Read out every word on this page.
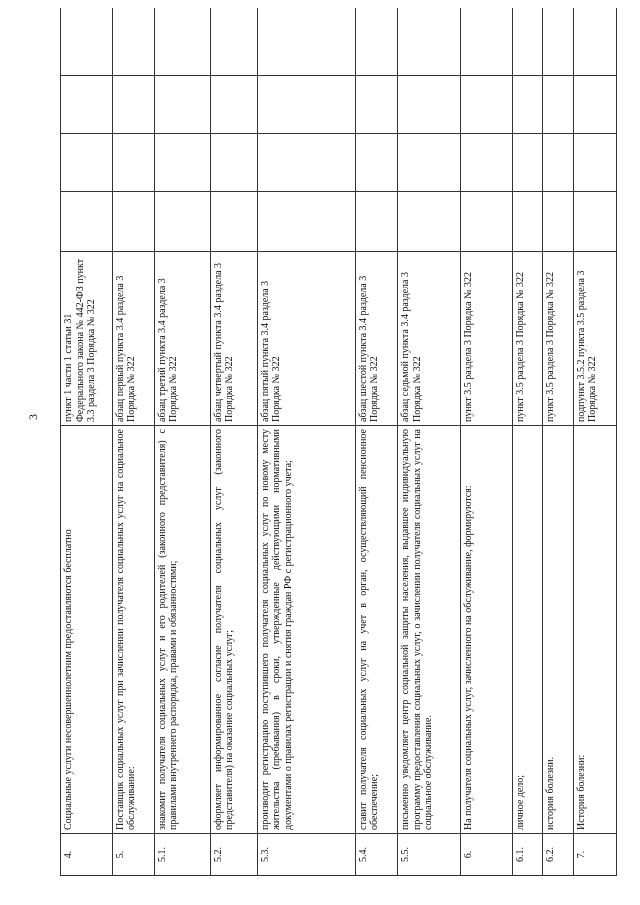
3
4.	Социальные услуги несовершеннолетним предоставляются бесплатно	пункт 1 части 1 статьи 31 Федерального закона № 442-ФЗ пункт 3.3 раздела 3 Порядка № 322				
5.	Поставщик социальных услуг при зачислении получателя социальных услуг на социальное обслуживание:	абзац первый пункта 3.4 раздела 3 Порядка № 322				
5.1.	знакомит получателя социальных услуг и его родителей (законного представителя) с правилами внутреннего распорядка, правами и обязанностями;	абзац третий пункта 3.4 раздела 3 Порядка № 322				
5.2.	оформляет информированное согласие получателя социальных услуг (законного представителя) на оказание социальных услуг;	абзац четвертый пункта 3.4 раздела 3 Порядка № 322				
5.3.	производит регистрацию поступившего получателя социальных услуг по новому месту жительства (пребывания) в сроки, утвержденные действующими нормативными документами о правилах регистрации и снятия граждан РФ с регистрационного учета;	абзац пятый пункта 3.4 раздела 3 Порядка № 322				
5.4.	ставит получателя социальных услуг на учет в орган, осуществляющий пенсионное обеспечение;	абзац шестой пункта 3.4 раздела 3 Порядка № 322				
5.5.	письменно уведомляет центр социальной защиты населения, выдавшее индивидуальную программу предоставления социальных услуг, о зачислении получателя социальных услуг на социальное обслуживание.	абзац седьмой пункта 3.4 раздела 3 Порядка № 322				
6.	На получателя социальных услуг, зачисленного на обслуживание, формируются:	пункт 3.5 раздела 3 Порядка № 322				
6.1.	личное дело;	пункт 3.5 раздела 3 Порядка № 322				
6.2.	история болезни.	пункт 3.5 раздела 3 Порядка № 322				
7.	История болезни:	подпункт 3.5.2 пункта 3.5 раздела 3 Порядка № 322				
